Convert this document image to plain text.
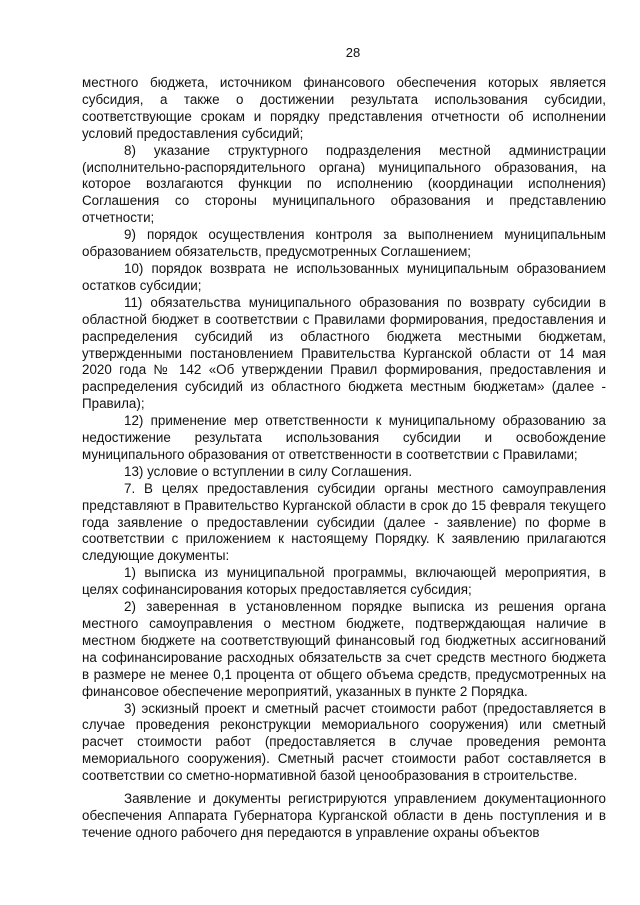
28

местного бюджета, источником финансового обеспечения которых является субсидия, а также о достижении результата использования субсидии, соответствующие срокам и порядку представления отчетности об исполнении условий предоставления субсидий;

8) указание структурного подразделения местной администрации (исполнительно-распорядительного органа) муниципального образования, на которое возлагаются функции по исполнению (координации исполнения) Соглашения со стороны муниципального образования и представлению отчетности;

9) порядок осуществления контроля за выполнением муниципальным образованием обязательств, предусмотренных Соглашением;

10) порядок возврата не использованных муниципальным образованием остатков субсидии;

11) обязательства муниципального образования по возврату субсидии в областной бюджет в соответствии с Правилами формирования, предоставления и распределения субсидий из областного бюджета местными бюджетам, утвержденными постановлением Правительства Курганской области от 14 мая 2020 года № 142 «Об утверждении Правил формирования, предоставления и распределения субсидий из областного бюджета местным бюджетам» (далее - Правила);

12) применение мер ответственности к муниципальному образованию за недостижение результата использования субсидии и освобождение муниципального образования от ответственности в соответствии с Правилами;

13) условие о вступлении в силу Соглашения.

7. В целях предоставления субсидии органы местного самоуправления представляют в Правительство Курганской области в срок до 15 февраля текущего года заявление о предоставлении субсидии (далее - заявление) по форме в соответствии с приложением к настоящему Порядку. К заявлению прилагаются следующие документы:

1) выписка из муниципальной программы, включающей мероприятия, в целях софинансирования которых предоставляется субсидия;

2) заверенная в установленном порядке выписка из решения органа местного самоуправления о местном бюджете, подтверждающая наличие в местном бюджете на соответствующий финансовый год бюджетных ассигнований на софинансирование расходных обязательств за счет средств местного бюджета в размере не менее 0,1 процента от общего объема средств, предусмотренных на финансовое обеспечение мероприятий, указанных в пункте 2 Порядка.

3) эскизный проект и сметный расчет стоимости работ (предоставляется в случае проведения реконструкции мемориального сооружения) или сметный расчет стоимости работ (предоставляется в случае проведения ремонта мемориального сооружения). Сметный расчет стоимости работ составляется в соответствии со сметно-нормативной базой ценообразования в строительстве.

Заявление и документы регистрируются управлением документационного обеспечения Аппарата Губернатора Курганской области в день поступления и в течение одного рабочего дня передаются в управление охраны объектов
